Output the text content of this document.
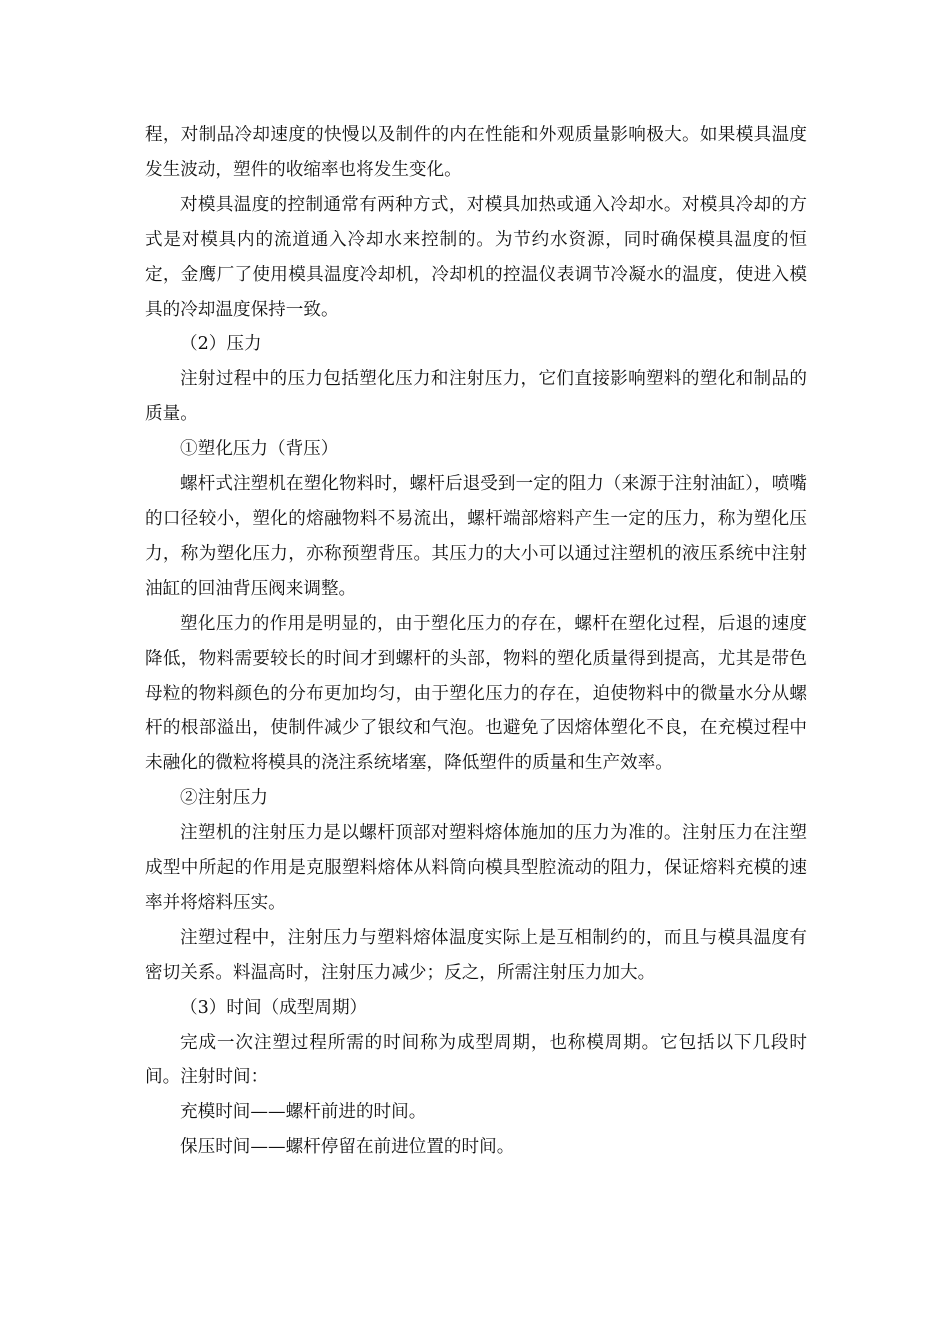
程，对制品冷却速度的快慢以及制件的内在性能和外观质量影响极大。如果模具温度发生波动，塑件的收缩率也将发生变化。

对模具温度的控制通常有两种方式，对模具加热或通入冷却水。对模具冷却的方式是对模具内的流道通入冷却水来控制的。为节约水资源，同时确保模具温度的恒定，金鹰厂了使用模具温度冷却机，冷却机的控温仪表调节冷凝水的温度，使进入模具的冷却温度保持一致。

（2）压力

注射过程中的压力包括塑化压力和注射压力，它们直接影响塑料的塑化和制品的质量。

①塑化压力（背压）

螺杆式注塑机在塑化物料时，螺杆后退受到一定的阻力（来源于注射油缸），喷嘴的口径较小，塑化的熔融物料不易流出，螺杆端部熔料产生一定的压力，称为塑化压力，称为塑化压力，亦称预塑背压。其压力的大小可以通过注塑机的液压系统中注射油缸的回油背压阀来调整。

塑化压力的作用是明显的，由于塑化压力的存在，螺杆在塑化过程，后退的速度降低，物料需要较长的时间才到螺杆的头部，物料的塑化质量得到提高，尤其是带色母粒的物料颜色的分布更加均匀，由于塑化压力的存在，迫使物料中的微量水分从螺杆的根部溢出，使制件减少了银纹和气泡。也避免了因熔体塑化不良，在充模过程中未融化的微粒将模具的浇注系统堵塞，降低塑件的质量和生产效率。

②注射压力

注塑机的注射压力是以螺杆顶部对塑料熔体施加的压力为准的。注射压力在注塑成型中所起的作用是克服塑料熔体从料筒向模具型腔流动的阻力，保证熔料充模的速率并将熔料压实。

注塑过程中，注射压力与塑料熔体温度实际上是互相制约的，而且与模具温度有密切关系。料温高时，注射压力减少；反之，所需注射压力加大。

（3）时间（成型周期）

完成一次注塑过程所需的时间称为成型周期，也称模周期。它包括以下几段时间。注射时间：

充模时间——螺杆前进的时间。

保压时间——螺杆停留在前进位置的时间。
